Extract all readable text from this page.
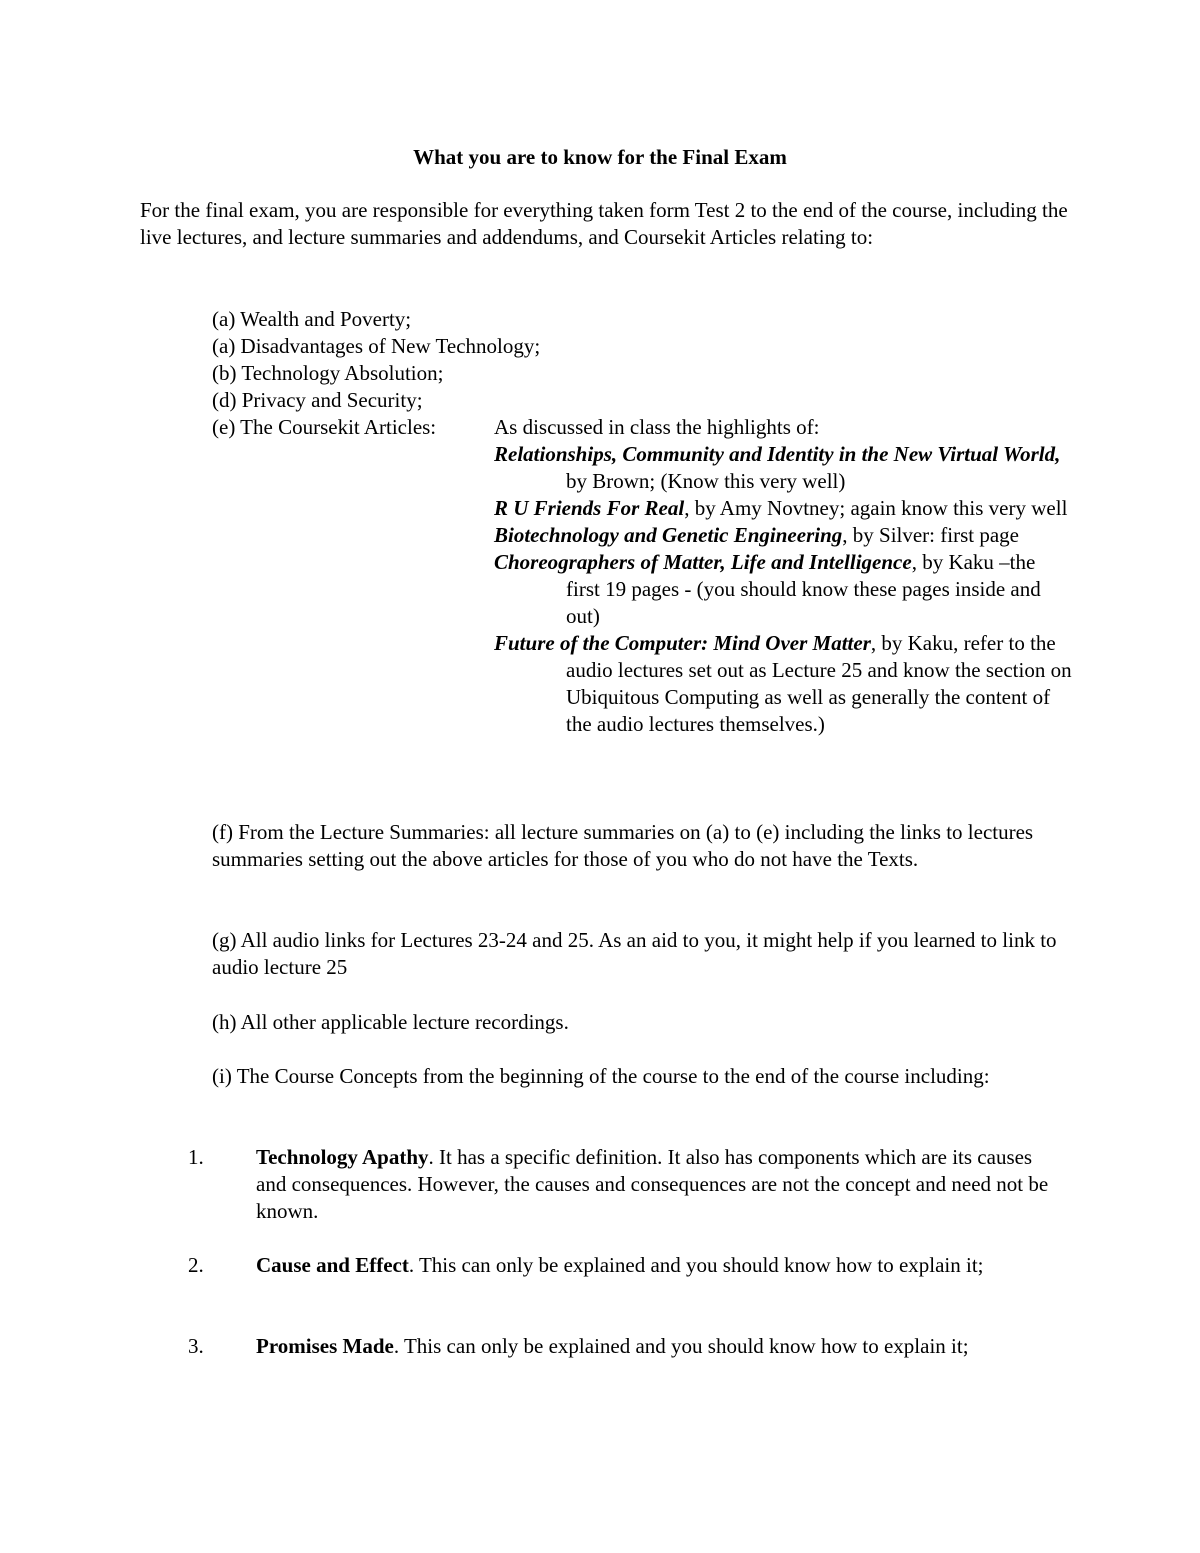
What you are to know for the Final Exam
For the final exam, you are responsible for everything taken form Test 2 to the end of the course, including the live lectures, and lecture summaries and addendums, and Coursekit Articles relating to:
(a) Wealth and Poverty;
(a) Disadvantages of New Technology;
(b) Technology Absolution;
(d) Privacy and Security;
(e) The Coursekit Articles:	As discussed in class the highlights of:
Relationships, Community and Identity in the New Virtual World, by Brown; (Know this very well)
R U Friends For Real, by Amy Novtney; again know this very well
Biotechnology and Genetic Engineering, by Silver: first page
Choreographers of Matter, Life and Intelligence, by Kaku –the first 19 pages - (you should know these pages inside and out)
Future of the Computer: Mind Over Matter, by Kaku, refer to the audio lectures set out as Lecture 25 and know the section on Ubiquitous Computing as well as generally the content of the audio lectures themselves.)
(f) From the Lecture Summaries: all lecture summaries on (a) to (e) including the links to lectures summaries setting out the above articles for those of you who do not have the Texts.
(g) All audio links for Lectures 23-24 and 25. As an aid to you, it might help if you learned to link to audio lecture 25
(h) All other applicable lecture recordings.
(i) The Course Concepts from the beginning of the course to the end of the course including:
1. Technology Apathy. It has a specific definition. It also has components which are its causes and consequences. However, the causes and consequences are not the concept and need not be known.
2. Cause and Effect. This can only be explained and you should know how to explain it;
3. Promises Made. This can only be explained and you should know how to explain it;
